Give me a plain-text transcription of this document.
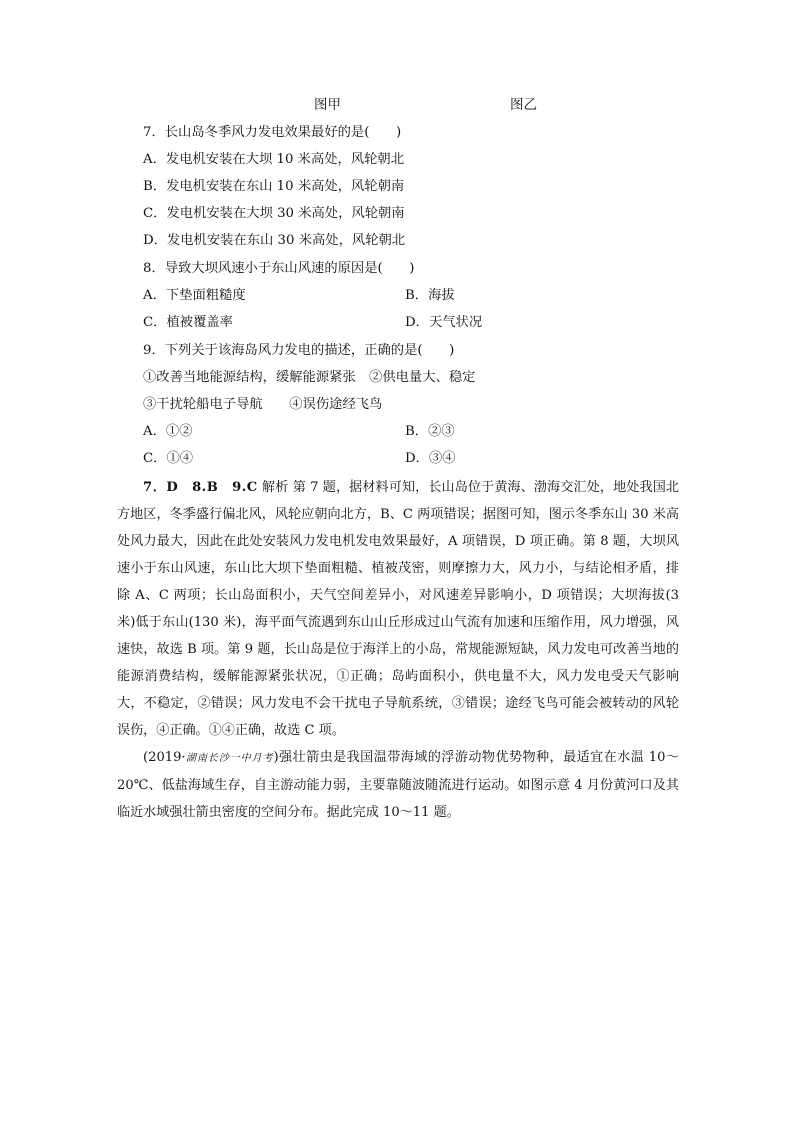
图甲	图乙
7．长山岛冬季风力发电效果最好的是(　　)
A．发电机安装在大坝 10 米高处，风轮朝北
B．发电机安装在东山 10 米高处，风轮朝南
C．发电机安装在大坝 30 米高处，风轮朝南
D．发电机安装在东山 30 米高处，风轮朝北
8．导致大坝风速小于东山风速的原因是(　　)
A．下垫面粗糙度	B．海拔
C．植被覆盖率	D．天气状况
9．下列关于该海岛风力发电的描述，正确的是(　　)
①改善当地能源结构，缓解能源紧张　②供电量大、稳定
③干扰轮船电子导航　　④误伤途经飞鸟
A．①②	B．②③
C．①④	D．③④
7．D　8.B　9.C 解析 第 7 题，据材料可知，长山岛位于黄海、渤海交汇处，地处我国北方地区，冬季盛行偏北风，风轮应朝向北方，B、C 两项错误；据图可知，图示冬季东山 30 米高处风力最大，因此在此处安装风力发电机发电效果最好，A 项错误，D 项正确。第 8 题，大坝风速小于东山风速，东山比大坝下垫面粗糙、植被茂密，则摩擦力大，风力小，与结论相矛盾，排除 A、C 两项；长山岛面积小，天气空间差异小，对风速差异影响小，D 项错误；大坝海拔(3 米)低于东山(130 米)，海平面气流遇到东山山丘形成过山气流有加速和压缩作用，风力增强，风速快，故选 B 项。第 9 题，长山岛是位于海洋上的小岛，常规能源短缺，风力发电可改善当地的能源消费结构，缓解能源紧张状况，①正确；岛屿面积小，供电量不大，风力发电受天气影响大，不稳定，②错误；风力发电不会干扰电子导航系统，③错误；途经飞鸟可能会被转动的风轮误伤，④正确。①④正确，故选 C 项。
(2019·湖南长沙一中月考)强壮箭虫是我国温带海域的浮游动物优势物种，最适宜在水温 10～20℃、低盐海域生存，自主游动能力弱，主要靠随波随流进行运动。如图示意 4 月份黄河口及其临近水域强壮箭虫密度的空间分布。据此完成 10～11 题。
